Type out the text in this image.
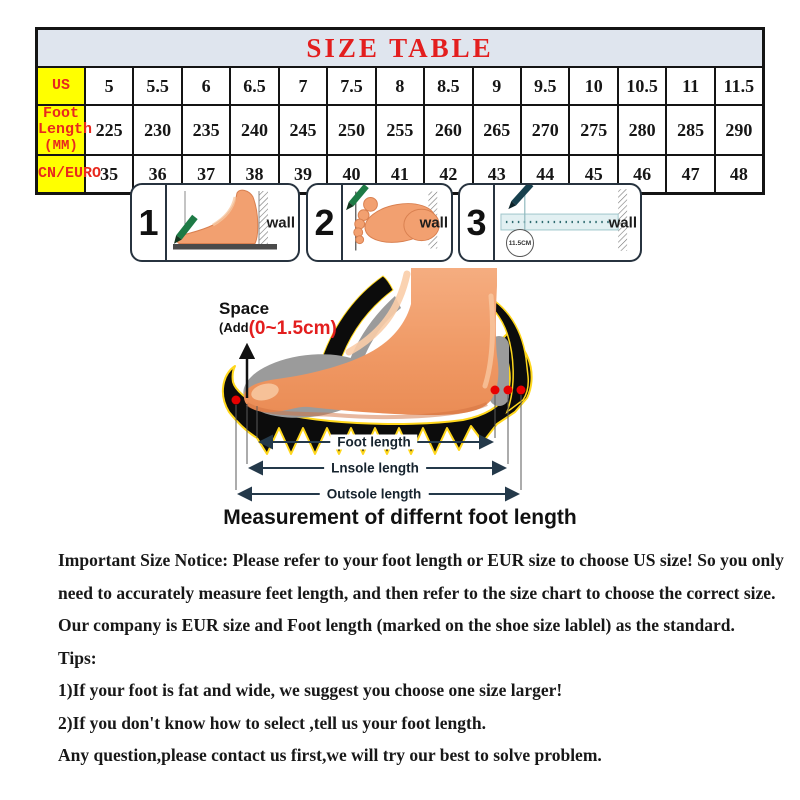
SIZE TABLE														
US	5	5.5	6	6.5	7	7.5	8	8.5	9	9.5	10	10.5	11	11.5
Foot Length
(MM)	225	230	235	240	245	250	255	260	265	270	275	280	285	290
CN/EURO	35	36	37	38	39	40	41	42	43	44	45	46	47	48
1	wall 2	wall 3
11.5CM
wall
Space
(Add(0~1.5cm)
Foot length
Lnsole length
Outsole length
Measurement of differnt foot length
Important Size Notice: Please refer to your foot length or EUR size to choose US size! So you only
need to accurately measure feet length, and then refer to the size chart to choose the correct size.
Our company is EUR size and Foot length (marked on the shoe size lablel) as the standard.
Tips:
1)If your foot is fat and wide, we suggest you choose one size larger!
2)If you don't know how to select ,tell us your foot length.
Any question,please contact us first,we will try our best to solve problem.
